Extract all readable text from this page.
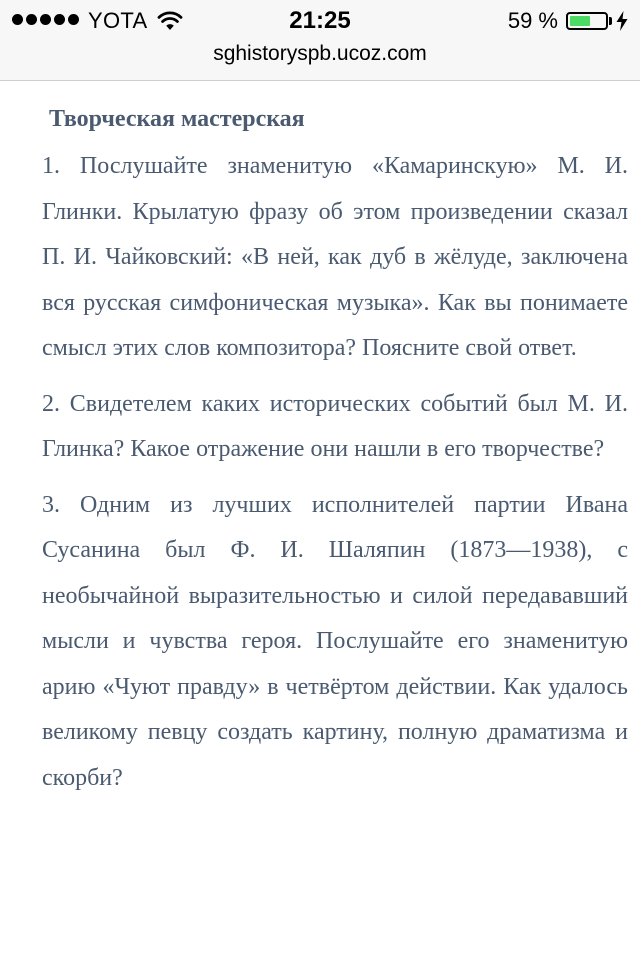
YOTA	21:25	59 %
sghistoryspb.ucoz.com
Творческая мастерская

1. Послушайте знаменитую «Камаринскую» М. И. Глинки. Крылатую фразу об этом произведении сказал П. И. Чайковский: «В ней, как дуб в жёлуде, заключена вся русская симфоническая музыка». Как вы понимаете смысл этих слов композитора? Поясните свой ответ.

2. Свидетелем каких исторических событий был М. И. Глинка? Какое отражение они нашли в его творчестве?

3. Одним из лучших исполнителей партии Ивана Сусанина был Ф. И. Шаляпин (1873—1938), с необычайной выразительностью и силой передававший мысли и чувства героя. Послушайте его знаменитую арию «Чуют правду» в четвёртом действии. Как удалось великому певцу создать картину, полную драматизма и скорби?
